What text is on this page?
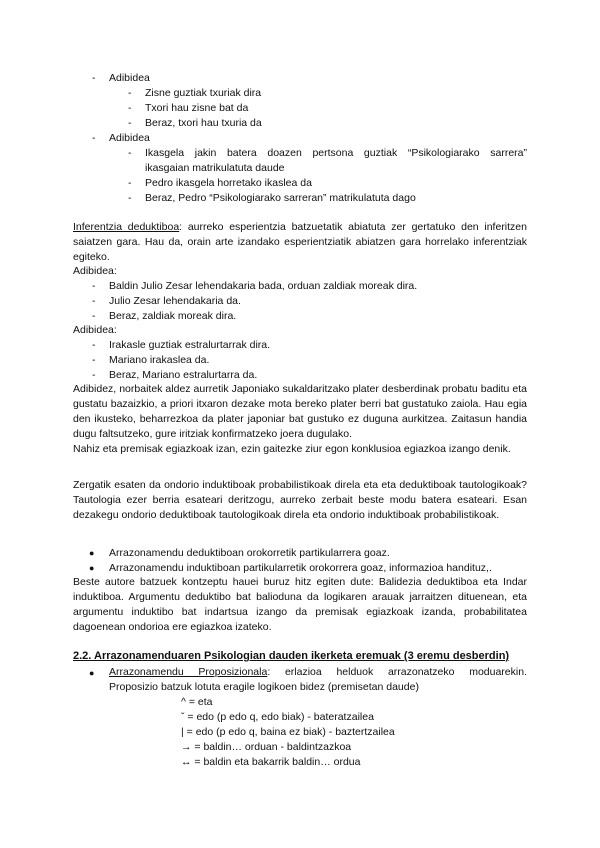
- Adibidea
- Zisne guztiak txuriak dira
- Txori hau zisne bat da
- Beraz, txori hau txuria da
- Adibidea
- Ikasgela jakin batera doazen pertsona guztiak “Psikologiarako sarrera”
ikasgaian matrikulatuta daude
- Pedro ikasgela horretako ikaslea da
- Beraz, Pedro “Psikologiarako sarreran” matrikulatuta dago
Inferentzia deduktiboa: aurreko esperientzia batzuetatik abiatuta zer gertatuko den inferitzen saiatzen gara. Hau da, orain arte izandako esperientziatik abiatzen gara horrelako inferentziak egiteko.
Adibidea:
- Baldin Julio Zesar lehendakaria bada, orduan zaldiak moreak dira.
- Julio Zesar lehendakaria da.
- Beraz, zaldiak moreak dira.
Adibidea:
- Irakasle guztiak estralurtarrak dira.
- Mariano irakaslea da.
- Beraz, Mariano estralurtarra da.
Adibidez, norbaitek aldez aurretik Japoniako sukaldaritzako plater desberdinak probatu baditu eta gustatu bazaizkio, a priori itxaron dezake mota bereko plater berri bat gustatuko zaiola. Hau egia den ikusteko, beharrezkoa da plater japoniar bat gustuko ez duguna aurkitzea. Zaitasun handia dugu faltsutzeko, gure iritziak konfirmatzeko joera dugulako.
Nahiz eta premisak egiazkoak izan, ezin gaitezke ziur egon konklusioa egiazkoa izango denik.
Zergatik esaten da ondorio induktiboak probabilistikoak direla eta eta deduktiboak tautologikoak? Tautologia ezer berria esateari deritzogu, aurreko zerbait beste modu batera esateari. Esan dezakegu ondorio deduktiboak tautologikoak direla eta ondorio induktiboak probabilistikoak.
● Arrazonamendu deduktiboan orokorretik partikularrera goaz.
● Arrazonamendu induktiboan partikularretik orokorrera goaz, informazioa handituz,.
Beste autore batzuek kontzeptu hauei buruz hitz egiten dute: Balidezia deduktiboa eta Indar induktiboa. Argumentu deduktibo bat balioduna da logikaren arauak jarraitzen dituenean, eta argumentu induktibo bat indartsua izango da premisak egiazkoak izanda, probabilitatea dagoenean ondorioa ere egiazkoa izateko.
2.2. Arrazonamenduaren Psikologian dauden ikerketa eremuak (3 eremu desberdin)
● Arrazonamendu Proposizionala: erlazioa helduok arrazonatzeko moduarekin.
Proposizio batzuk lotuta eragile logikoen bidez (premisetan daude)
^ = eta
ˇ = edo (p edo q, edo biak) - bateratzailea
| = edo (p edo q, baina ez biak) - baztertzailea
→ = baldin… orduan - baldintzazkoa
↔ = baldin eta bakarrik baldin… ordua
